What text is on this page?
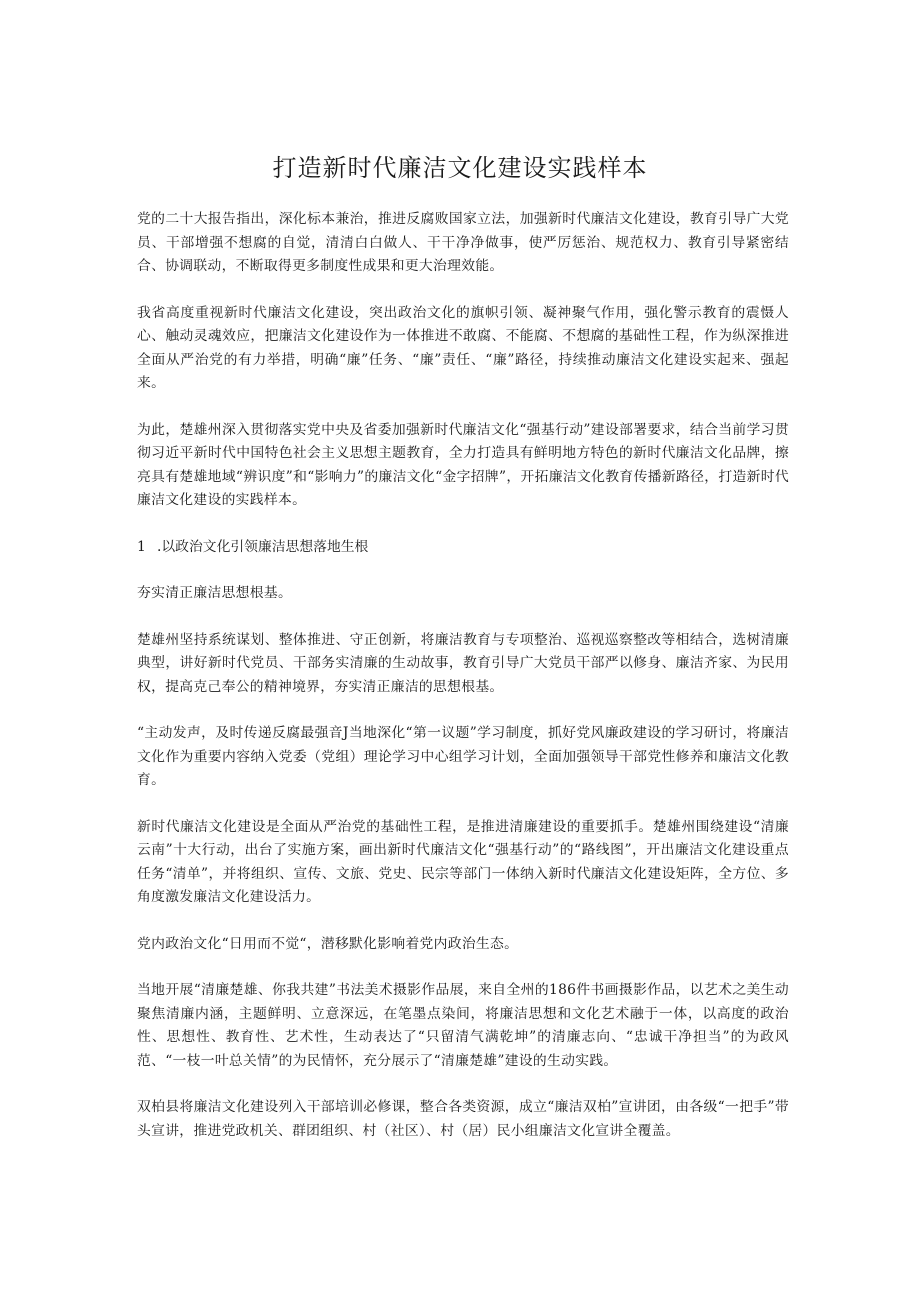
打造新时代廉洁文化建设实践样本

党的二十大报告指出，深化标本兼治，推进反腐败国家立法，加强新时代廉洁文化建设，教育引导广大党员、干部增强不想腐的自觉，清清白白做人、干干净净做事，使严厉惩治、规范权力、教育引导紧密结合、协调联动，不断取得更多制度性成果和更大治理效能。

我省高度重视新时代廉洁文化建设，突出政治文化的旗帜引领、凝神聚气作用，强化警示教育的震慑人心、触动灵魂效应，把廉洁文化建设作为一体推进不敢腐、不能腐、不想腐的基础性工程，作为纵深推进全面从严治党的有力举措，明确“廉”任务、“廉”责任、“廉”路径，持续推动廉洁文化建设实起来、强起来。

为此，楚雄州深入贯彻落实党中央及省委加强新时代廉洁文化“强基行动”建设部署要求，结合当前学习贯彻习近平新时代中国特色社会主义思想主题教育，全力打造具有鲜明地方特色的新时代廉洁文化品牌，擦亮具有楚雄地域“辨识度”和“影响力”的廉洁文化“金字招牌”，开拓廉洁文化教育传播新路径，打造新时代廉洁文化建设的实践样本。

1 .以政治文化引领廉洁思想落地生根

夯实清正廉洁思想根基。

楚雄州坚持系统谋划、整体推进、守正创新，将廉洁教育与专项整治、巡视巡察整改等相结合，选树清廉典型，讲好新时代党员、干部务实清廉的生动故事，教育引导广大党员干部严以修身、廉洁齐家、为民用权，提高克己奉公的精神境界，夯实清正廉洁的思想根基。

“主动发声，及时传递反腐最强音J当地深化“第一议题”学习制度，抓好党风廉政建设的学习研讨，将廉洁文化作为重要内容纳入党委（党组）理论学习中心组学习计划，全面加强领导干部党性修养和廉洁文化教育。

新时代廉洁文化建设是全面从严治党的基础性工程，是推进清廉建设的重要抓手。楚雄州围绕建设“清廉云南”十大行动，出台了实施方案，画出新时代廉洁文化“强基行动”的“路线图”，开出廉洁文化建设重点任务“清单”，并将组织、宣传、文旅、党史、民宗等部门一体纳入新时代廉洁文化建设矩阵，全方位、多角度激发廉洁文化建设活力。

党内政治文化“日用而不觉“，潜移默化影响着党内政治生态。

当地开展“清廉楚雄、你我共建”书法美术摄影作品展，来自全州的186件书画摄影作品，以艺术之美生动聚焦清廉内涵，主题鲜明、立意深远，在笔墨点染间，将廉洁思想和文化艺术融于一体，以高度的政治性、思想性、教育性、艺术性，生动表达了“只留清气满乾坤”的清廉志向、“忠诚干净担当”的为政风范、“一枝一叶总关情”的为民情怀，充分展示了“清廉楚雄”建设的生动实践。

双柏县将廉洁文化建设列入干部培训必修课，整合各类资源，成立“廉洁双柏”宣讲团，由各级“一把手”带头宣讲，推进党政机关、群团组织、村（社区）、村（居）民小组廉洁文化宣讲全覆盖。
